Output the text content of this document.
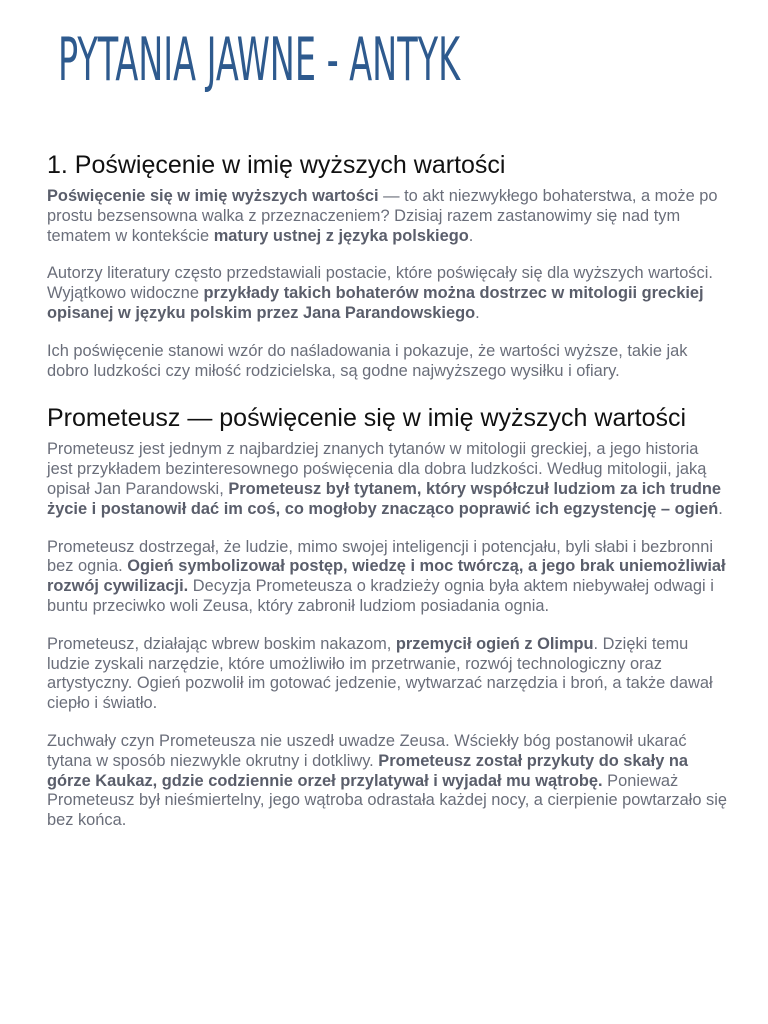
PYTANIA JAWNE - ANTYK
1. Poświęcenie w imię wyższych wartości

Poświęcenie się w imię wyższych wartości — to akt niezwykłego bohaterstwa, a może po prostu bezsensowna walka z przeznaczeniem? Dzisiaj razem zastanowimy się nad tym tematem w kontekście matury ustnej z języka polskiego.

Autorzy literatury często przedstawiali postacie, które poświęcały się dla wyższych wartości. Wyjątkowo widoczne przykłady takich bohaterów można dostrzec w mitologii greckiej opisanej w języku polskim przez Jana Parandowskiego.

Ich poświęcenie stanowi wzór do naśladowania i pokazuje, że wartości wyższe, takie jak dobro ludzkości czy miłość rodzicielska, są godne najwyższego wysiłku i ofiary.

Prometeusz — poświęcenie się w imię wyższych wartości

Prometeusz jest jednym z najbardziej znanych tytanów w mitologii greckiej, a jego historia jest przykładem bezinteresownego poświęcenia dla dobra ludzkości. Według mitologii, jaką opisał Jan Parandowski, Prometeusz był tytanem, który współczuł ludziom za ich trudne życie i postanowił dać im coś, co mogłoby znacząco poprawić ich egzystencję – ogień.

Prometeusz dostrzegał, że ludzie, mimo swojej inteligencji i potencjału, byli słabi i bezbronni bez ognia. Ogień symbolizował postęp, wiedzę i moc twórczą, a jego brak uniemożliwiał rozwój cywilizacji. Decyzja Prometeusza o kradzieży ognia była aktem niebywałej odwagi i buntu przeciwko woli Zeusa, który zabronił ludziom posiadania ognia.

Prometeusz, działając wbrew boskim nakazom, przemycił ogień z Olimpu. Dzięki temu ludzie zyskali narzędzie, które umożliwiło im przetrwanie, rozwój technologiczny oraz artystyczny. Ogień pozwolił im gotować jedzenie, wytwarzać narzędzia i broń, a także dawał ciepło i światło.

Zuchwały czyn Prometeusza nie uszedł uwadze Zeusa. Wściekły bóg postanowił ukarać tytana w sposób niezwykle okrutny i dotkliwy. Prometeusz został przykuty do skały na górze Kaukaz, gdzie codziennie orzeł przylatywał i wyjadał mu wątrobę. Ponieważ Prometeusz był nieśmiertelny, jego wątroba odrastała każdej nocy, a cierpienie powtarzało się bez końca.
